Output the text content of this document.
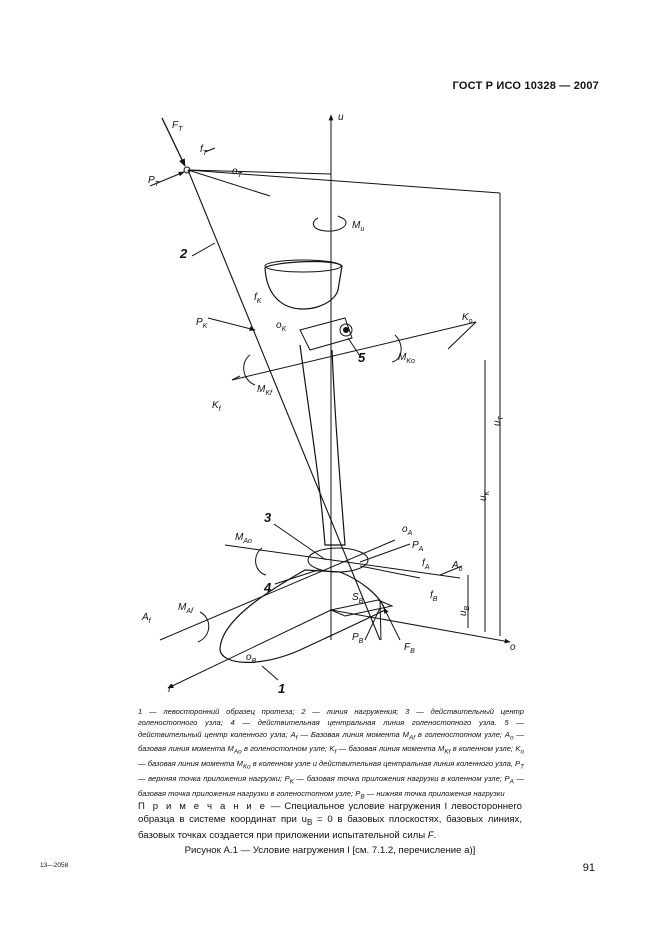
ГОСТ Р ИСО 10328 — 2007
u
o
f
$F_T$
$f_T$
$o_T$
$P_T$
$M_u$
2
$f_K$
$P_K$	$o_K$
$K_o$
5	$M_{Ko}$
$K_f$
$M_{Kf}$
$u_T$
$u_K$
3
$M_{Ao}$
$o_A$
$P_A$
$f_A$ $A_o$
4
$S_B$
$f_B$
$u_B$
$A_f$
$M_{Af}$
$P_B$
$F_B$
$o_B$
1
1 — левосторонний образец протеза; 2 — линия нагружения; 3 — действительный центр голеностопного узла; 4 — действительная центральная линия голеностопного узла. 5 — действительный центр коленного узла; $A_f$ — Базовая линия момента $M_{Af}$ в голеностопном узле; $A_o$ — базовая линия момента $M_{Ao}$ в голеностопном узле; $K_f$ — базовая линия момента $M_{Kf}$ в коленном узле; $K_o$ — базовая линия момента $M_{Ko}$ в коленном узле и действительная центральная линия коленного узла, $P_T$ — верхняя точка приложения нагрузки; $P_K$ — базовая точка приложения нагрузки в коленном узле; $P_A$ — базовая точка приложения нагрузки в голеностопном узле; $P_B$ — нижняя точка приложения нагрузки
П р и м е ч а н и е — Специальное условие нагружения I левостороннего образца в системе координат при $u_B = 0$ в базовых плоскостях, базовых линиях, базовых точках создается при приложении испытательной силы F.
Рисунок А.1 — Условие нагружения I [см. 7.1.2, перечисление a)]
13—2058	91
